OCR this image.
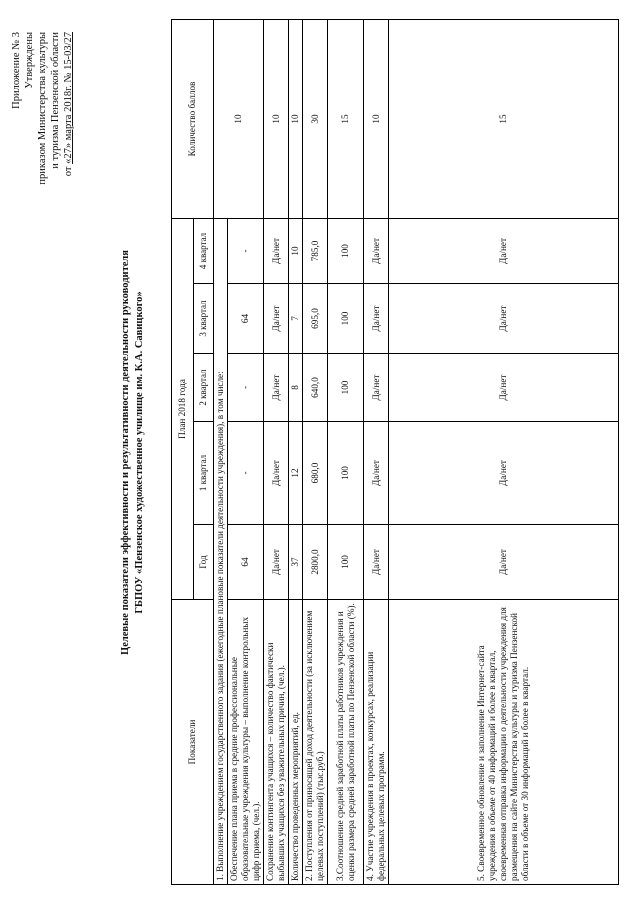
Приложение № 3 Утверждены приказом Министерства культуры и туризма Пензенской области
от «27» марта 2018г. № 15-03/27
Целевые показатели эффективности и результативности деятельности руководителя ГБПОУ «Пензенское художественное училище им. К.А. Савицкого»
Показатели	План 2018 года					Количество баллов
	Год	1 квартал	2 квартал	3 квартал	4 квартал	
1. Выполнение учреждением государственного задания (ежегодные плановые показатели деятельности учреждения), в том числе:						10
Обеспечение плана приема в средние профессиональные образовательные учреждения культуры – выполнение контрольных цифр приема, (чел.).	64	-	-	64	-	
Сохранение контингента учащихся – количество фактически выбывших учащихся без уважительных причин, (чел.).	Да/нет	Да/нет	Да/нет	Да/нет	Да/нет	10
Количество проведенных мероприятий, ед.	37	12	8	7	10	10
2. Поступления от приносящей доход деятельности (за исключением целевых поступлений) (тыс.руб.)	2800,0	680,0	640,0	695,0	785,0	30
3.Соотношение средней заработной платы работников учреждения и оценки размера средней заработной платы по Пензенской области (%).	100	100	100	100	100	15
4. Участие учреждения в проектах, конкурсах, реализации федеральных целевых программ.	Да/нет	Да/нет	Да/нет	Да/нет	Да/нет	10
5. Своевременное обновление и заполнение Интернет-сайта учреждения в объеме от 40 информаций и более в квартал, своевременная отправка информации о деятельности учреждения для размещения на сайте Министерства культуры и туризма Пензенской области в объеме от 30 информаций и более в квартал.	Да/нет	Да/нет	Да/нет	Да/нет	Да/нет	15
